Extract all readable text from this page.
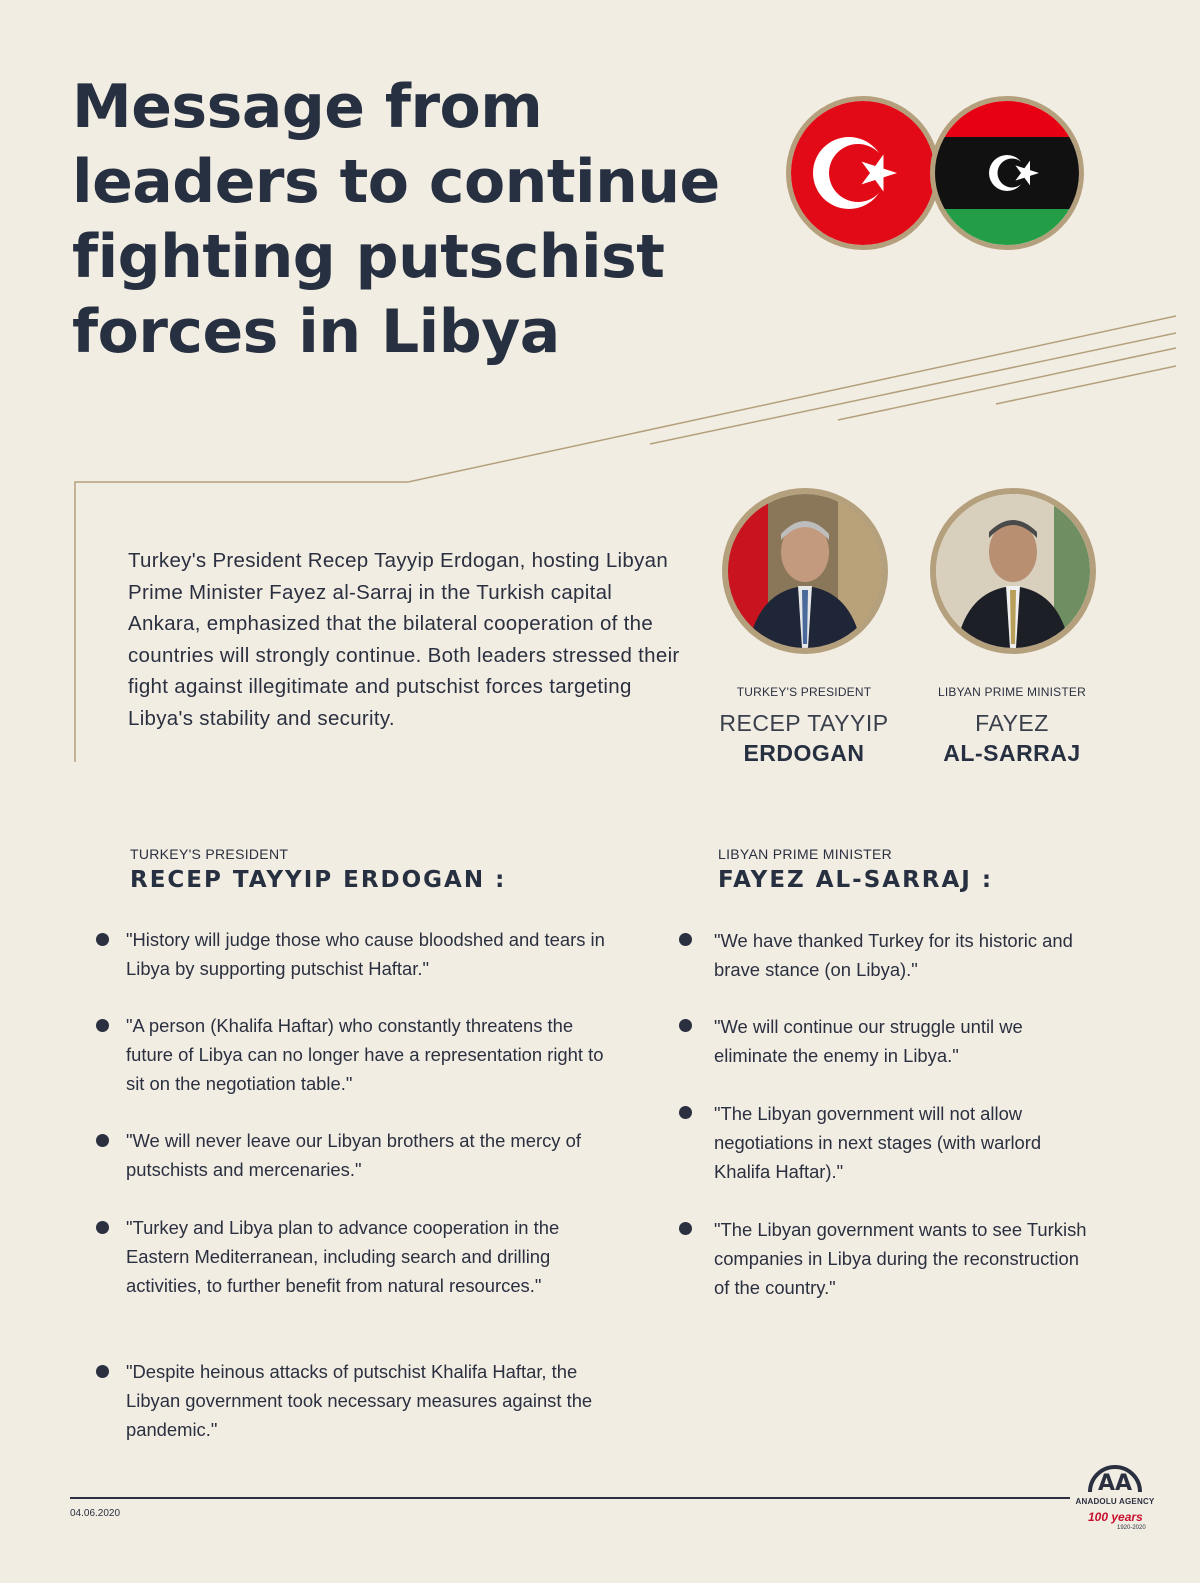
Message from leaders to continue fighting putschist forces in Libya

Turkey's President Recep Tayyip Erdogan, hosting Libyan Prime Minister Fayez al-Sarraj in the Turkish capital Ankara, emphasized that the bilateral cooperation of the countries will strongly continue. Both leaders stressed their fight against illegitimate and putschist forces targeting Libya's stability and security.

TURKEY'S PRESIDENT
RECEP TAYYIP
ERDOGAN
LIBYAN PRIME MINISTER
FAYEZ
AL-SARRAJ
TURKEY'S PRESIDENT
RECEP TAYYIP ERDOGAN :
"History will judge those who cause bloodshed and tears in Libya by supporting putschist Haftar."
"A person (Khalifa Haftar) who constantly threatens the future of Libya can no longer have a representation right to sit on the negotiation table."
"We will never leave our Libyan brothers at the mercy of putschists and mercenaries."
"Turkey and Libya plan to advance cooperation in the Eastern Mediterranean, including search and drilling activities, to further benefit from natural resources."
"Despite heinous attacks of putschist Khalifa Haftar, the Libyan government took necessary measures against the pandemic."
LIBYAN PRIME MINISTER
FAYEZ AL-SARRAJ :
"We have thanked Turkey for its historic and brave stance (on Libya)."
"We will continue our struggle until we eliminate the enemy in Libya."
"The Libyan government will not allow negotiations in next stages (with warlord Khalifa Haftar)."
"The Libyan government wants to see Turkish companies in Libya during the reconstruction of the country."
04.06.2020
AA
ANADOLU AGENCY
100 years
1920-2020
